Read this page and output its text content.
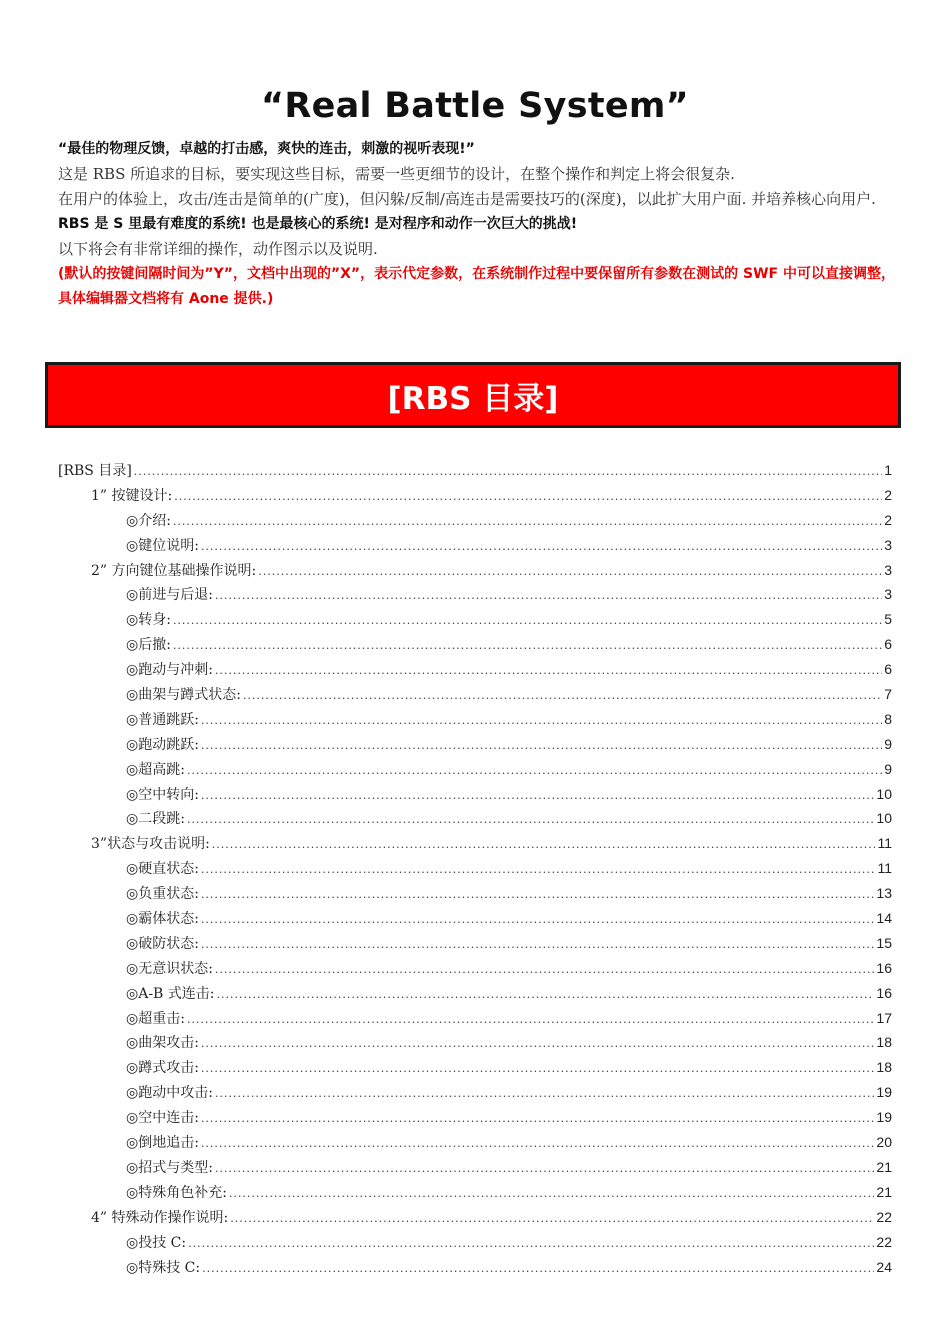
“Real Battle System”

“最佳的物理反馈，卓越的打击感，爽快的连击，刺激的视听表现!”

这是 RBS 所追求的目标，要实现这些目标，需要一些更细节的设计，在整个操作和判定上将会很复杂.

在用户的体验上，攻击/连击是简单的(广度)，但闪躲/反制/高连击是需要技巧的(深度)，以此扩大用户面. 并培养核心向用户.

RBS 是 S 里最有难度的系统! 也是最核心的系统! 是对程序和动作一次巨大的挑战!

以下将会有非常详细的操作，动作图示以及说明.

(默认的按键间隔时间为”Y”，文档中出现的”X”，表示代定参数，在系统制作过程中要保留所有参数在测试的 SWF 中可以直接调整，具体编辑器文档将有 Aone 提供.)

[RBS 目录]
[RBS 目录] .....	1
1” 按键设计: .....	2
◎介绍: .....	2
◎键位说明: .....	3
2” 方向键位基础操作说明: .....	3
◎前进与后退: .....	3
◎转身: .....	5
◎后撤: .....	6
◎跑动与冲刺: .....	6
◎曲架与蹲式状态: .....	7
◎普通跳跃: .....	8
◎跑动跳跃: .....	9
◎超高跳: .....	9
◎空中转向: .....	10
◎二段跳: .....	10
3”状态与攻击说明: .....	11
◎硬直状态: .....	11
◎负重状态: .....	13
◎霸体状态: .....	14
◎破防状态: .....	15
◎无意识状态: .....	16
◎A-B 式连击: .....	16
◎超重击: .....	17
◎曲架攻击: .....	18
◎蹲式攻击: .....	18
◎跑动中攻击: .....	19
◎空中连击: .....	19
◎倒地追击: .....	20
◎招式与类型: .....	21
◎特殊角色补充: .....	21
4” 特殊动作操作说明: .....	22
◎投技 C: .....	22
◎特殊技 C: .....	24
